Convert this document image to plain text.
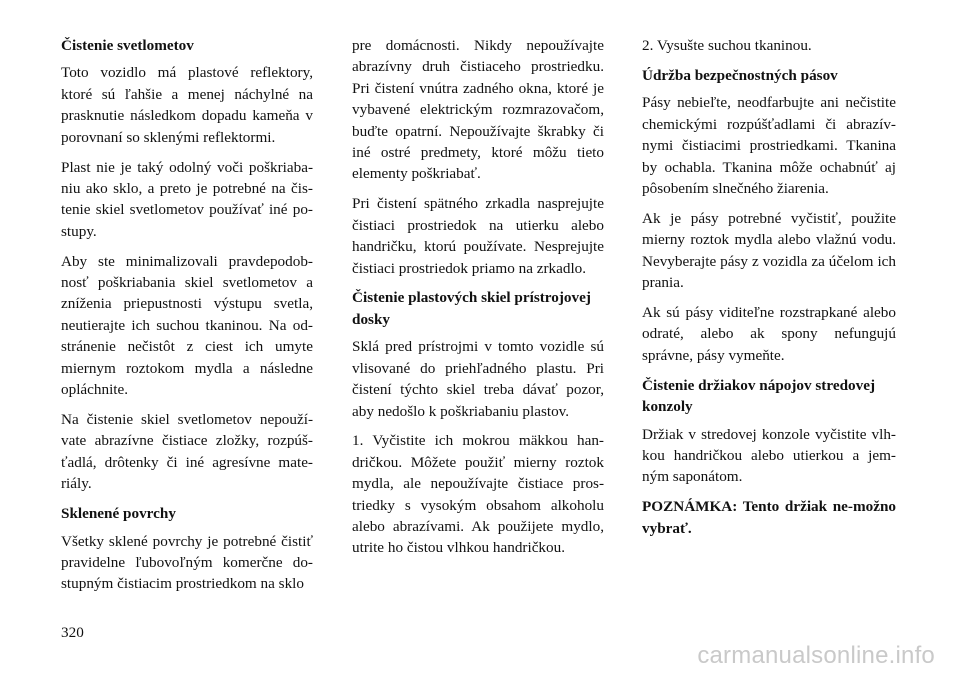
Čistenie svetlometov

Toto vozidlo má plastové reflektory, ktoré sú ľahšie a menej náchylné na prasknutie následkom dopadu kameňa v porovnaní so sklenými reflektormi.

Plast nie je taký odolný voči poškriaba-niu ako sklo, a preto je potrebné na čis-tenie skiel svetlometov používať iné po-stupy.

Aby ste minimalizovali pravdepodob-nosť poškriabania skiel svetlometov a zníženia priepustnosti výstupu svetla, neutierajte ich suchou tkaninou. Na od-stránenie nečistôt z ciest ich umyte miernym roztokom mydla a následne opláchnite.

Na čistenie skiel svetlometov nepouží-vate abrazívne čistiace zložky, rozpúš-ťadlá, drôtenky či iné agresívne mate-riály.

Sklenené povrchy

Všetky sklené povrchy je potrebné čistiť pravidelne ľubovoľným komerčne do-stupným čistiacim prostriedkom na sklo

pre domácnosti. Nikdy nepoužívajte abrazívny druh čistiaceho prostriedku. Pri čistení vnútra zadného okna, ktoré je vybavené elektrickým rozmrazovačom, buďte opatrní. Nepoužívajte škrabky či iné ostré predmety, ktoré môžu tieto elementy poškriabať.

Pri čistení spätného zrkadla nasprejujte čistiaci prostriedok na utierku alebo handričku, ktorú používate. Nesprejujte čistiaci prostriedok priamo na zrkadlo.

Čistenie plastových skiel prístrojovej dosky

Sklá pred prístrojmi v tomto vozidle sú vlisované do priehľadného plastu. Pri čistení týchto skiel treba dávať pozor, aby nedošlo k poškriabaniu plastov.

1. Vyčistite ich mokrou mäkkou han-dričkou. Môžete použiť mierny roztok mydla, ale nepoužívajte čistiace pros-triedky s vysokým obsahom alkoholu alebo abrazívami. Ak použijete mydlo, utrite ho čistou vlhkou handričkou.

2. Vysušte suchou tkaninou.

Údržba bezpečnostných pásov

Pásy nebieľte, neodfarbujte ani nečistite chemickými rozpúšťadlami či abrazív-nymi čistiacimi prostriedkami. Tkanina by ochabla. Tkanina môže ochabnúť aj pôsobením slnečného žiarenia.

Ak je pásy potrebné vyčistiť, použite mierny roztok mydla alebo vlažnú vodu. Nevyberajte pásy z vozidla za účelom ich prania.

Ak sú pásy viditeľne rozstrapkané alebo odraté, alebo ak spony nefungujú správne, pásy vymeňte.

Čistenie držiakov nápojov stredovej konzoly

Držiak v stredovej konzole vyčistite vlh-kou handričkou alebo utierkou a jem-ným saponátom.

POZNÁMKA: Tento držiak ne-možno vybrať.

320
carmanualsonline.info
